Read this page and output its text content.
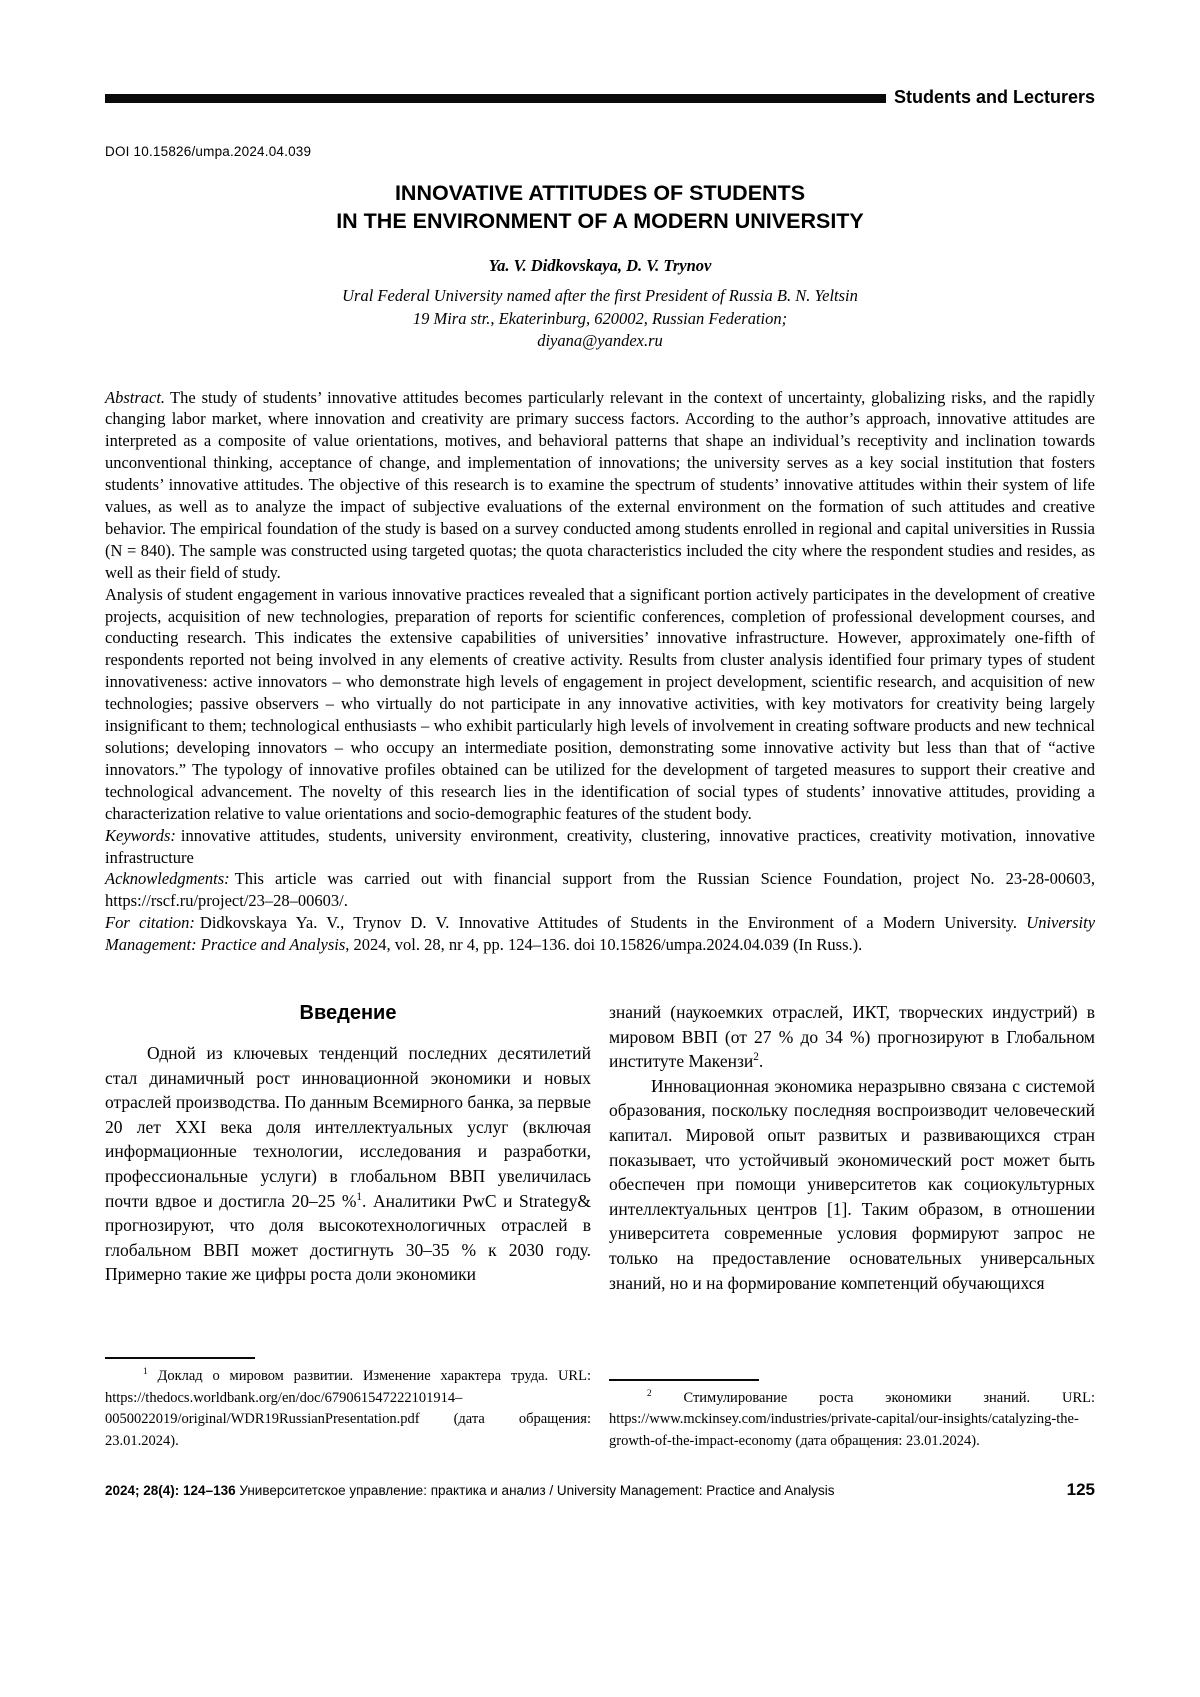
Students and Lecturers
DOI 10.15826/umpa.2024.04.039
INNOVATIVE ATTITUDES OF STUDENTS
IN THE ENVIRONMENT OF A MODERN UNIVERSITY
Ya. V. Didkovskaya, D. V. Trynov
Ural Federal University named after the first President of Russia B. N. Yeltsin
19 Mira str., Ekaterinburg, 620002, Russian Federation;
diyana@yandex.ru

Abstract. The study of students’ innovative attitudes becomes particularly relevant in the context of uncertainty, globalizing risks, and the rapidly changing labor market, where innovation and creativity are primary success factors. According to the author’s approach, innovative attitudes are interpreted as a composite of value orientations, motives, and behavioral patterns that shape an individual’s receptivity and inclination towards unconventional thinking, acceptance of change, and implementation of innovations; the university serves as a key social institution that fosters students’ innovative attitudes. The objective of this research is to examine the spectrum of students’ innovative attitudes within their system of life values, as well as to analyze the impact of subjective evaluations of the external environment on the formation of such attitudes and creative behavior. The empirical foundation of the study is based on a survey conducted among students enrolled in regional and capital universities in Russia (N = 840). The sample was constructed using targeted quotas; the quota characteristics included the city where the respondent studies and resides, as well as their field of study.

Analysis of student engagement in various innovative practices revealed that a significant portion actively participates in the development of creative projects, acquisition of new technologies, preparation of reports for scientific conferences, completion of professional development courses, and conducting research. This indicates the extensive capabilities of universities’ innovative infrastructure. However, approximately one-fifth of respondents reported not being involved in any elements of creative activity. Results from cluster analysis identified four primary types of student innovativeness: active innovators – who demonstrate high levels of engagement in project development, scientific research, and acquisition of new technologies; passive observers – who virtually do not participate in any innovative activities, with key motivators for creativity being largely insignificant to them; technological enthusiasts – who exhibit particularly high levels of involvement in creating software products and new technical solutions; developing innovators – who occupy an intermediate position, demonstrating some innovative activity but less than that of “active innovators.” The typology of innovative profiles obtained can be utilized for the development of targeted measures to support their creative and technological advancement. The novelty of this research lies in the identification of social types of students’ innovative attitudes, providing a characterization relative to value orientations and socio-demographic features of the student body.

Keywords: innovative attitudes, students, university environment, creativity, clustering, innovative practices, creativity motivation, innovative infrastructure

Acknowledgments: This article was carried out with financial support from the Russian Science Foundation, project No. 23-28-00603, https://rscf.ru/project/23–28–00603/.

For citation: Didkovskaya Ya. V., Trynov D. V. Innovative Attitudes of Students in the Environment of a Modern University. University Management: Practice and Analysis, 2024, vol. 28, nr 4, pp. 124–136. doi 10.15826/umpa.2024.04.039 (In Russ.).

Введение

Одной из ключевых тенденций последних десятилетий стал динамичный рост инновационной экономики и новых отраслей производства. По данным Всемирного банка, за первые 20 лет XXI века доля интеллектуальных услуг (включая информационные технологии, исследования и разработки, профессиональные услуги) в глобальном ВВП увеличилась почти вдвое и достигла 20–25 %$^1$. Аналитики PwC и Strategy& прогнозируют, что доля высокотехнологичных отраслей в глобальном ВВП может достигнуть 30–35 % к 2030 году. Примерно такие же цифры роста доли экономики

$^1$ Доклад о мировом развитии. Изменение характера труда. URL: https://thedocs.worldbank.org/en/doc/679061547222101914–0050022019/original/WDR19RussianPresentation.pdf (дата обращения: 23.01.2024).

знаний (наукоемких отраслей, ИКТ, творческих индустрий) в мировом ВВП (от 27 % до 34 %) прогнозируют в Глобальном институте Макензи$^2$.

Инновационная экономика неразрывно связана с системой образования, поскольку последняя воспроизводит человеческий капитал. Мировой опыт развитых и развивающихся стран показывает, что устойчивый экономический рост может быть обеспечен при помощи университетов как социокультурных интеллектуальных центров [1]. Таким образом, в отношении университета современные условия формируют запрос не только на предоставление основательных универсальных знаний, но и на формирование компетенций обучающихся

$^2$ Стимулирование роста экономики знаний. URL: https://www.mckinsey.com/industries/private-capital/our-insights/catalyzing-the-growth-of-the-impact-economy (дата обращения: 23.01.2024).

2024; 28(4): 124–136 Университетское управление: практика и анализ / University Management: Practice and Analysis	125
